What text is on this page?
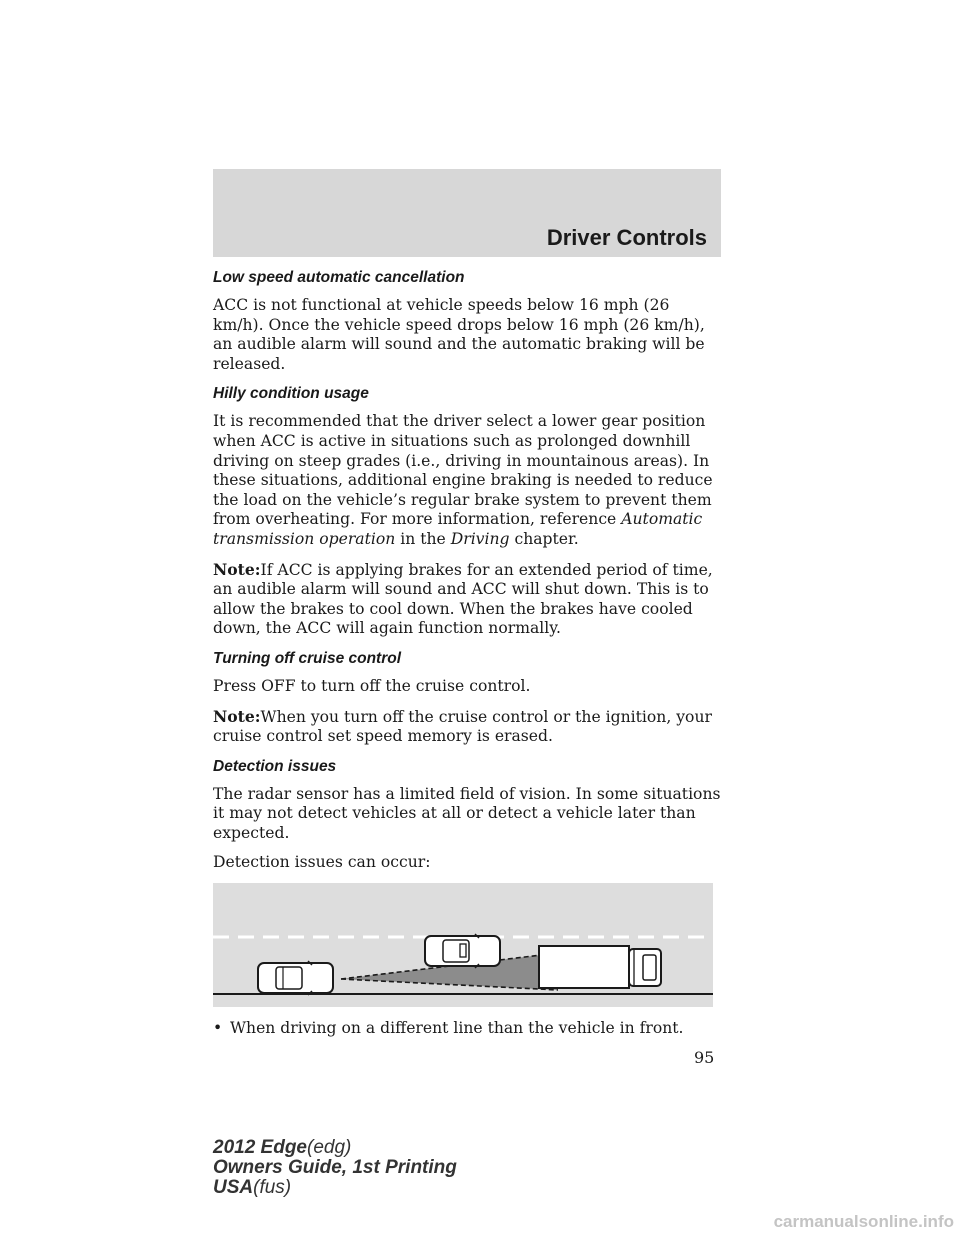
Driver Controls
Low speed automatic cancellation

ACC is not functional at vehicle speeds below 16 mph (26 km/h). Once the vehicle speed drops below 16 mph (26 km/h), an audible alarm will sound and the automatic braking will be released.

Hilly condition usage

It is recommended that the driver select a lower gear position when ACC is active in situations such as prolonged downhill driving on steep grades (i.e., driving in mountainous areas). In these situations, additional engine braking is needed to reduce the load on the vehicle’s regular brake system to prevent them from overheating. For more information, reference Automatic transmission operation in the Driving chapter.

Note:If ACC is applying brakes for an extended period of time, an audible alarm will sound and ACC will shut down. This is to allow the brakes to cool down. When the brakes have cooled down, the ACC will again function normally.

Turning off cruise control

Press OFF to turn off the cruise control.

Note:When you turn off the cruise control or the ignition, your cruise control set speed memory is erased.

Detection issues

The radar sensor has a limited field of vision. In some situations it may not detect vehicles at all or detect a vehicle later than expected.

Detection issues can occur:

• When driving on a different line than the vehicle in front.
95
2012 Edge(edg)
Owners Guide, 1st Printing
USA(fus)
carmanualsonline.info
